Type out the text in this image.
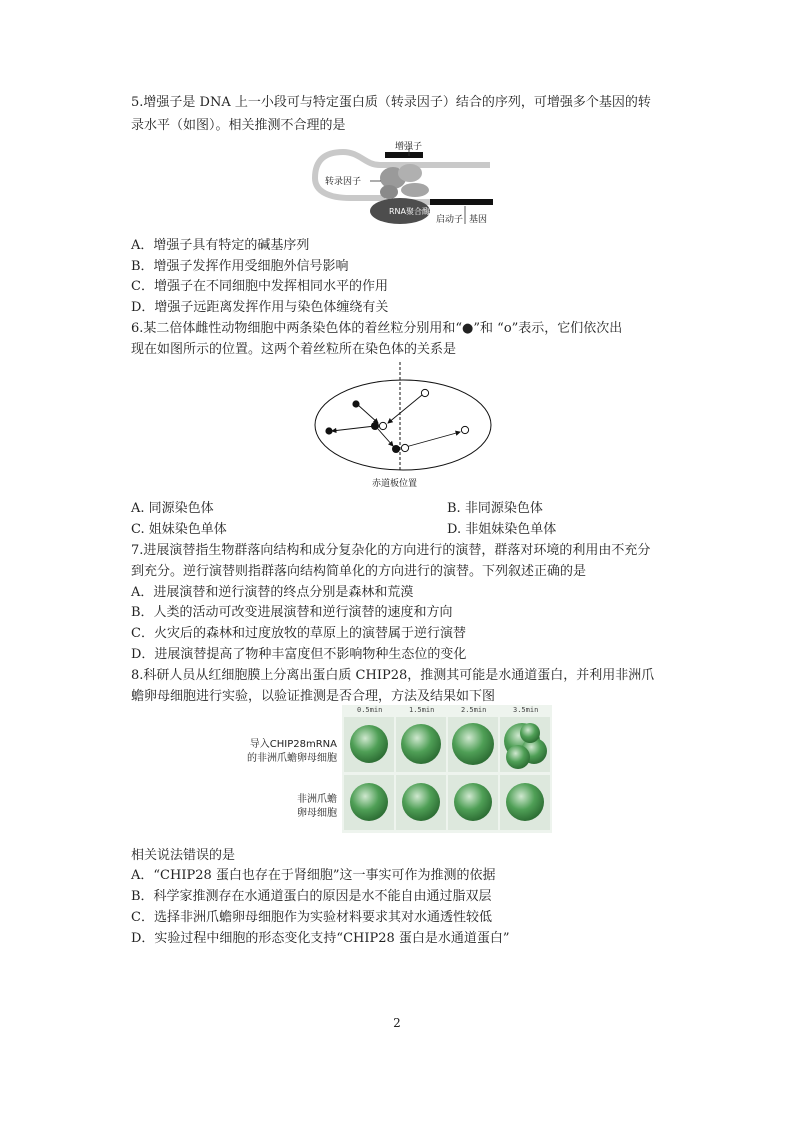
5.增强子是 DNA 上一小段可与特定蛋白质（转录因子）结合的序列，可增强多个基因的转
录水平（如图）。相关推测不合理的是
增强子
转录因子
RNA聚合酶
启动子 基因
A．增强子具有特定的碱基序列
B．增强子发挥作用受细胞外信号影响
C．增强子在不同细胞中发挥相同水平的作用
D．增强子远距离发挥作用与染色体缠绕有关
6.某二倍体雌性动物细胞中两条染色体的着丝粒分别用和“●”和 “o”表示，它们依次出
现在如图所示的位置。这两个着丝粒所在染色体的关系是
赤道板位置
A. 同源染色体	B. 非同源染色体
C. 姐妹染色单体	D. 非姐妹染色单体
7.进展演替指生物群落向结构和成分复杂化的方向进行的演替，群落对环境的利用由不充分
到充分。逆行演替则指群落向结构简单化的方向进行的演替。下列叙述正确的是
A．进展演替和逆行演替的终点分别是森林和荒漠
B．人类的活动可改变进展演替和逆行演替的速度和方向
C．火灾后的森林和过度放牧的草原上的演替属于逆行演替
D．进展演替提高了物种丰富度但不影响物种生态位的变化
8.科研人员从红细胞膜上分离出蛋白质 CHIP28，推测其可能是水通道蛋白，并利用非洲爪
蟾卵母细胞进行实验，以验证推测是否合理，方法及结果如下图
导入CHIP28mRNA
的非洲爪蟾卵母细胞
非洲爪蟾
卵母细胞
0.5min	1.5min	2.5min	3.5min
相关说法错误的是
A．“CHIP28 蛋白也存在于肾细胞”这一事实可作为推测的依据
B．科学家推测存在水通道蛋白的原因是水不能自由通过脂双层
C．选择非洲爪蟾卵母细胞作为实验材料要求其对水通透性较低
D．实验过程中细胞的形态变化支持“CHIP28 蛋白是水通道蛋白”
2
